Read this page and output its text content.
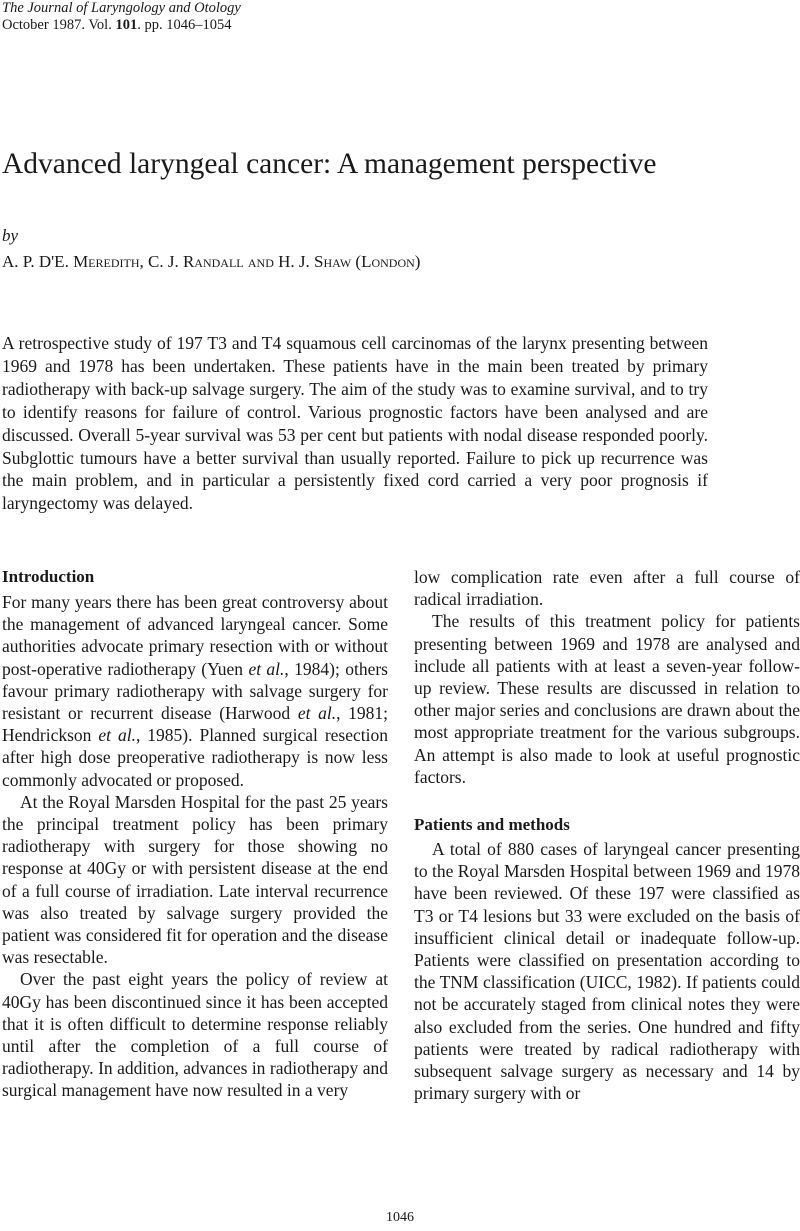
The Journal of Laryngology and Otology
October 1987. Vol. 101. pp. 1046–1054
Advanced laryngeal cancer: A management perspective
by
A. P. D'E. Meredith, C. J. Randall and H. J. Shaw (London)

A retrospective study of 197 T3 and T4 squamous cell carcinomas of the larynx presenting between 1969 and 1978 has been undertaken. These patients have in the main been treated by primary radiotherapy with back-up salvage surgery. The aim of the study was to examine survival, and to try to identify reasons for failure of control. Various prognostic factors have been analysed and are discussed. Overall 5-year survival was 53 per cent but patients with nodal disease responded poorly. Subglottic tumours have a better survival than usually reported. Failure to pick up recurrence was the main problem, and in particular a persistently fixed cord carried a very poor prognosis if laryngectomy was delayed.

Introduction

For many years there has been great controversy about the management of advanced laryngeal cancer. Some authorities advocate primary resection with or without post-operative radiotherapy (Yuen et al., 1984); others favour primary radiotherapy with salvage surgery for resistant or recurrent disease (Harwood et al., 1981; Hendrickson et al., 1985). Planned surgical resection after high dose preoperative radiotherapy is now less commonly advocated or proposed.

At the Royal Marsden Hospital for the past 25 years the principal treatment policy has been primary radiotherapy with surgery for those showing no response at 40Gy or with persistent disease at the end of a full course of irradiation. Late interval recurrence was also treated by salvage surgery provided the patient was considered fit for operation and the disease was resectable.

Over the past eight years the policy of review at 40Gy has been discontinued since it has been accepted that it is often difficult to determine response reliably until after the completion of a full course of radiotherapy. In addition, advances in radiotherapy and surgical management have now resulted in a very

low complication rate even after a full course of radical irradiation.

The results of this treatment policy for patients presenting between 1969 and 1978 are analysed and include all patients with at least a seven-year follow-up review. These results are discussed in relation to other major series and conclusions are drawn about the most appropriate treatment for the various subgroups. An attempt is also made to look at useful prognostic factors.

Patients and methods

A total of 880 cases of laryngeal cancer presenting to the Royal Marsden Hospital between 1969 and 1978 have been reviewed. Of these 197 were classified as T3 or T4 lesions but 33 were excluded on the basis of insufficient clinical detail or inadequate follow-up. Patients were classified on presentation according to the TNM classification (UICC, 1982). If patients could not be accurately staged from clinical notes they were also excluded from the series. One hundred and fifty patients were treated by radical radiotherapy with subsequent salvage surgery as necessary and 14 by primary surgery with or

1046
